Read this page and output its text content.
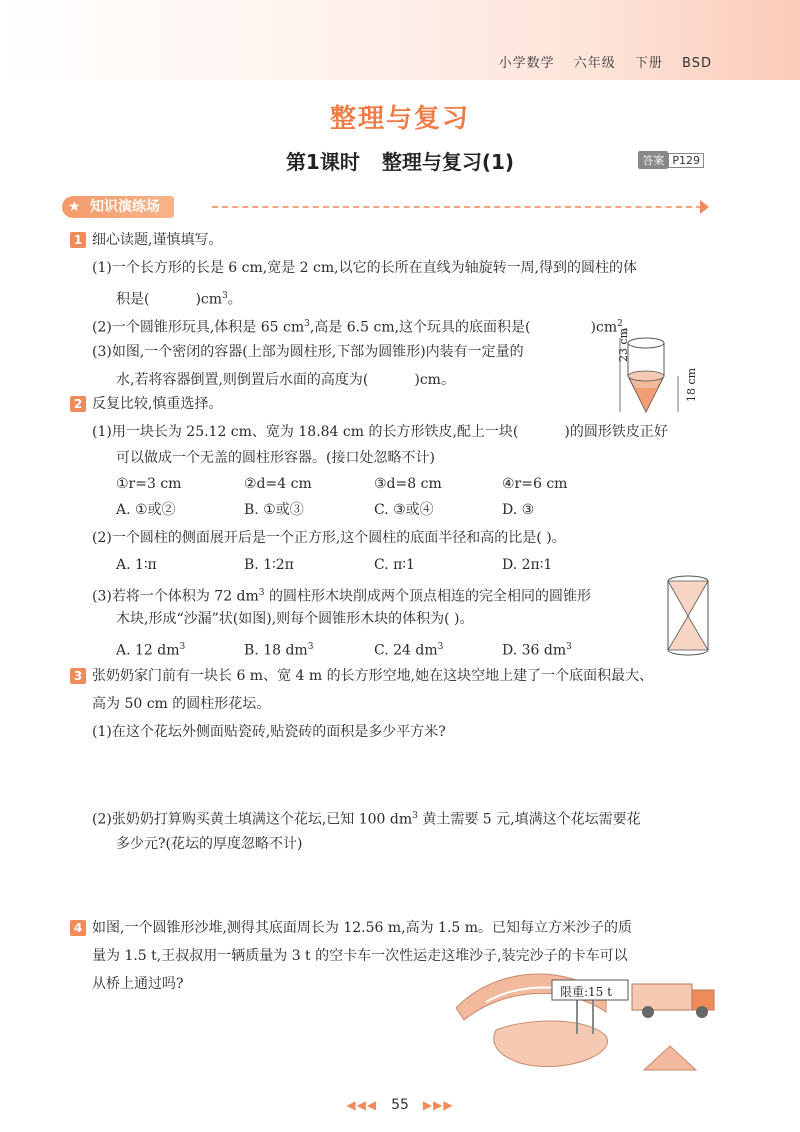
小学数学 六年级 下册 BSD
整理与复习
第1课时 整理与复习(1)	答案 P129
★ 知识演练场
1 细心读题,谨慎填写。
(1)一个长方形的长是 6 cm,宽是 2 cm,以它的长所在直线为轴旋转一周,得到的圆柱的体
积是(	)$cm^3$。
(2)一个圆锥形玩具,体积是 65 $cm^3$,高是 6.5 cm,这个玩具的底面积是(	)$cm^2$。
(3)如图,一个密闭的容器(上部为圆柱形,下部为圆锥形)内装有一定量的
水,若将容器倒置,则倒置后水面的高度为(	)cm。
23 cm
18 cm
2 反复比较,慎重选择。
(1)用一块长为 25.12 cm、宽为 18.84 cm 的长方形铁皮,配上一块(	)的圆形铁皮正好
可以做成一个无盖的圆柱形容器。(接口处忽略不计)
①r=3 cm	②d=4 cm	③d=8 cm	④r=6 cm
A. ①或②	B. ①或③	C. ③或④	D. ③
(2)一个圆柱的侧面展开后是一个正方形,这个圆柱的底面半径和高的比是( )。
A. 1∶π	B. 1∶2π	C. π∶1	D. 2π∶1
(3)若将一个体积为 72 $dm^3$ 的圆柱形木块削成两个顶点相连的完全相同的圆锥形
木块,形成“沙漏”状(如图),则每个圆锥形木块的体积为( )。
A. 12 $dm^3$	B. 18 $dm^3$	C. 24 $dm^3$	D. 36 $dm^3$
3 张奶奶家门前有一块长 6 m、宽 4 m 的长方形空地,她在这块空地上建了一个底面积最大、
高为 50 cm 的圆柱形花坛。
(1)在这个花坛外侧面贴瓷砖,贴瓷砖的面积是多少平方米?
(2)张奶奶打算购买黄土填满这个花坛,已知 100 $dm^3$ 黄土需要 5 元,填满这个花坛需要花
多少元?(花坛的厚度忽略不计)
4 如图,一个圆锥形沙堆,测得其底面周长为 12.56 m,高为 1.5 m。已知每立方米沙子的质
量为 1.5 t,王叔叔用一辆质量为 3 t 的空卡车一次性运走这堆沙子,装完沙子的卡车可以
从桥上通过吗?	限重:15 t
◀◀◀ 55 ▶▶▶
